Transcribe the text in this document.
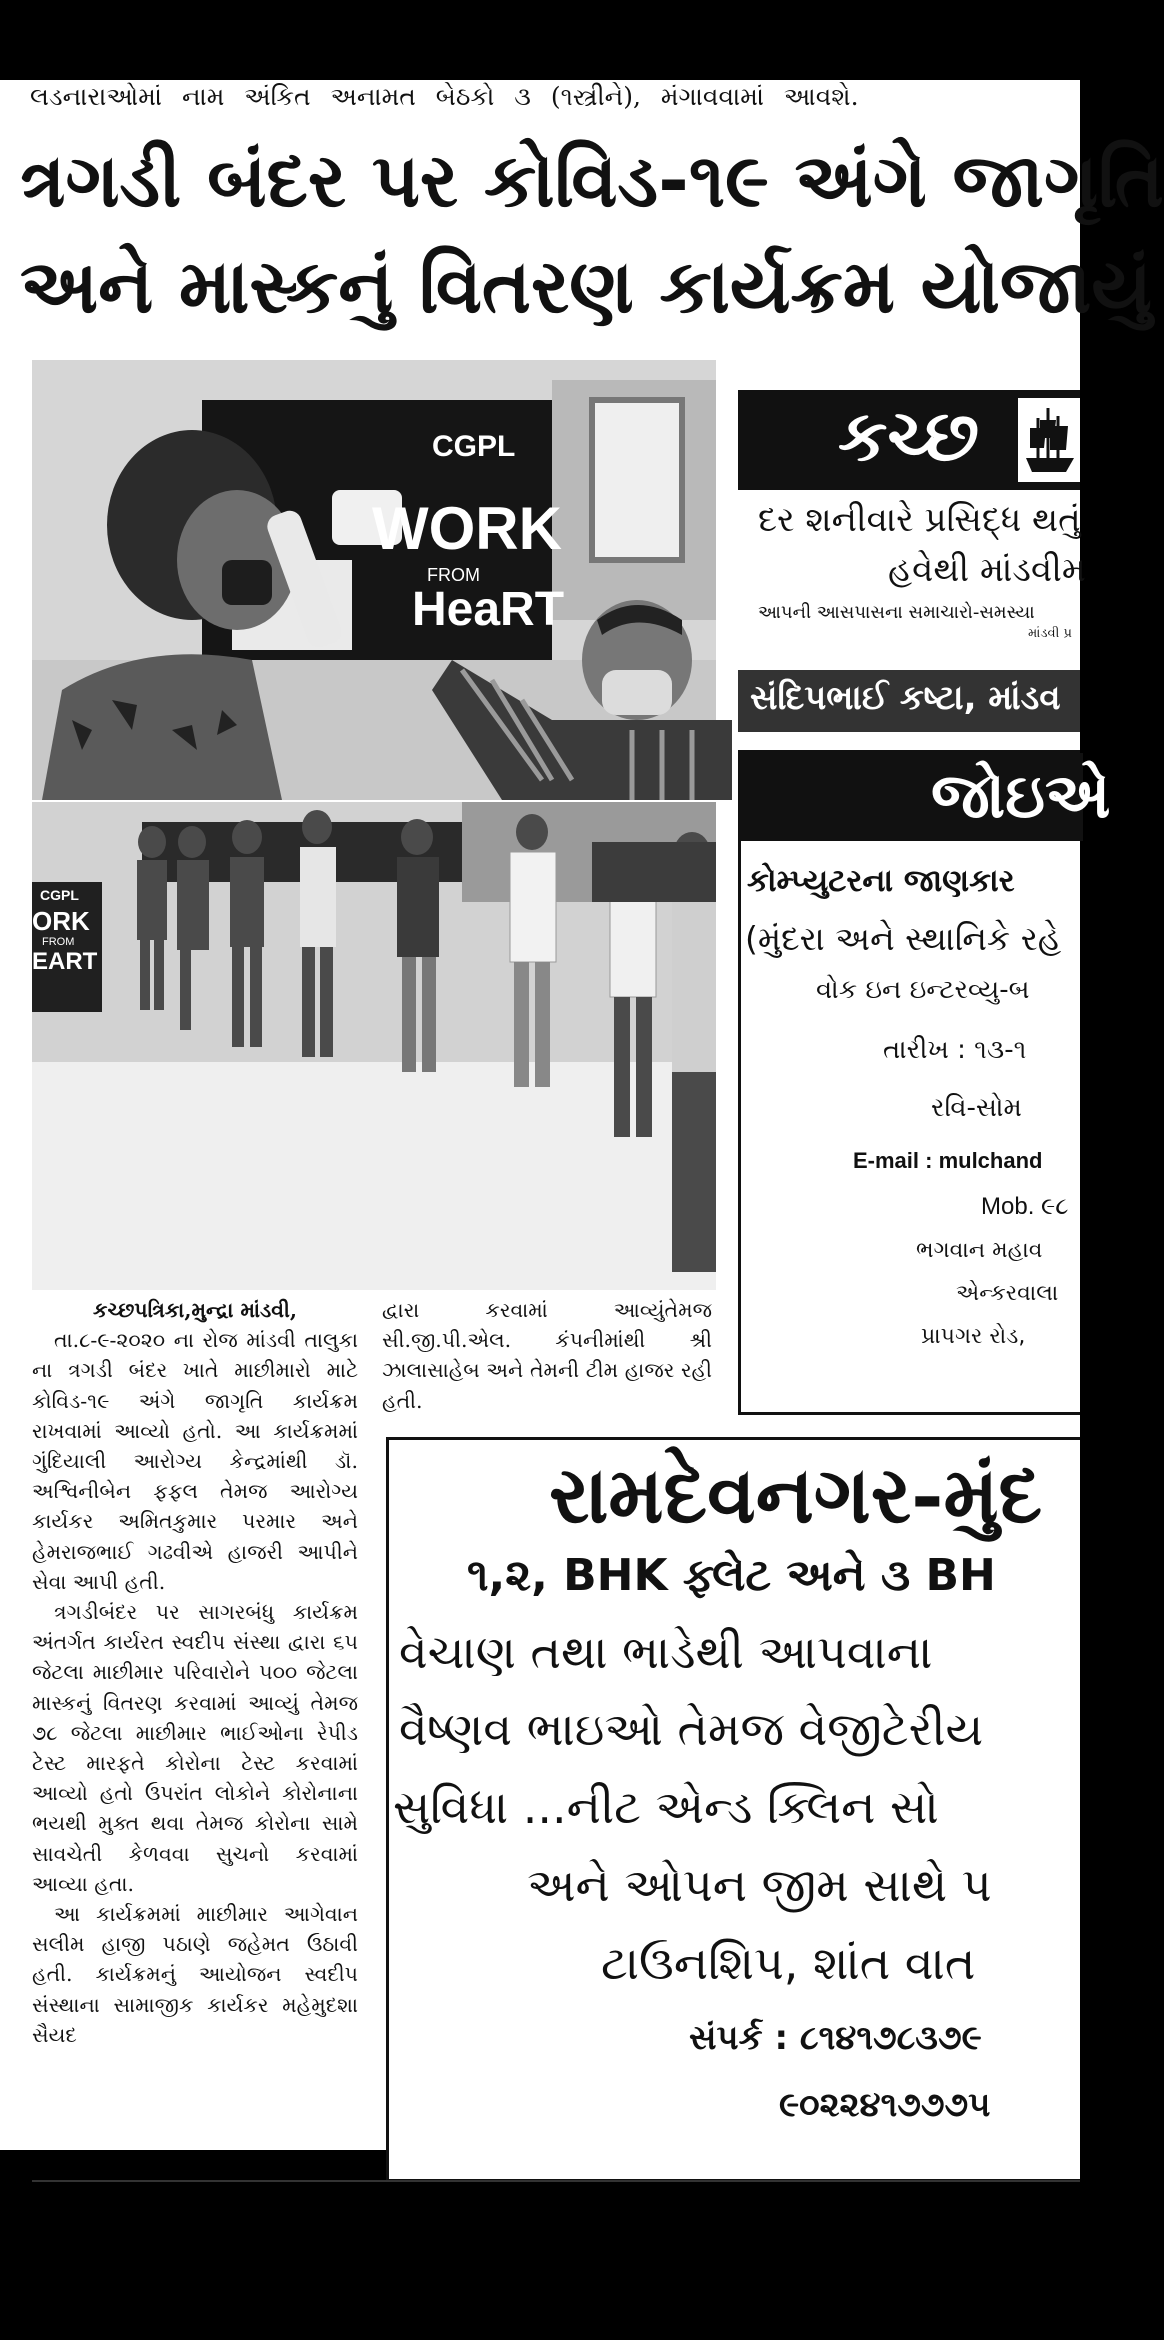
લડનારાઓમાં નામ અંકિત અનામત બેઠકો ૩ (૧સ્ત્રીને), મંગાવવામાં આવશે.
ત્રગડી બંદર પર કોવિડ-૧૯ અંગે જાગૃતિ
અને માસ્કનું વિતરણ કાર્યક્રમ યોજાયું
CGPL
WORK
FROM
HeaRT
CGPL
ORK
FROM
EART
કચ્છપત્રિકા,મુન્દ્રા માંડવી,

તા.૮-૯-૨૦૨૦ ના રોજ માંડવી તાલુકા ના ત્રગડી બંદર ખાતે માછીમારો માટે કોવિડ-૧૯ અંગે જાગૃતિ કાર્યક્રમ રાખવામાં આવ્યો હતો. આ કાર્યક્રમમાં ગુંદિયાલી આરોગ્ય કેન્દ્રમાંથી ડૉ. અશ્વિનીબેન ફફલ તેમજ આરોગ્ય કાર્યકર અમિતકુમાર પરમાર અને હેમરાજભાઈ ગઢવીએ હાજરી આપીને સેવા આપી હતી.

ત્રગડીબંદર પર સાગરબંધુ કાર્યક્રમ અંતર્ગત કાર્યરત સ્વદીપ સંસ્થા દ્વારા ૬૫ જેટલા માછીમાર પરિવારોને ૫૦૦ જેટલા માસ્કનું વિતરણ કરવામાં આવ્યું તેમજ ૭૮ જેટલા માછીમાર ભાઈઓના રેપીડ ટેસ્ટ મારફતે કોરોના ટેસ્ટ કરવામાં આવ્યો હતો ઉપરાંત લોકોને કોરોનાના ભયથી મુક્ત થવા તેમજ કોરોના સામે સાવચેતી કેળવવા સુચનો કરવામાં આવ્યા હતા.

આ કાર્યક્રમમાં માછીમાર આગેવાન સલીમ હાજી પઠાણે જહેમત ઉઠાવી હતી. કાર્યક્રમનું આયોજન સ્વદીપ સંસ્થાના સામાજીક કાર્યકર મહેમુદશા સૈયદ

દ્વારા કરવામાં આવ્યુંતેમજ સી.જી.પી.એલ. કંપનીમાંથી શ્રી ઝાલાસાહેબ અને તેમની ટીમ હાજર રહી હતી.

કચ્છ
દર શનીવારે પ્રસિદ્ધ થતું
હવેથી માંડવીમ
આપની આસપાસના સમાચારો-સમસ્યા
માંડવી પ્ર
સંદિપભાઈ કષ્ટા, માંડવ
જોઇએ
કોમ્પ્યુટરના જાણકાર
(મુંદરા અને સ્થાનિકે રહે
વોક ઇન ઇન્ટરવ્યુ-બ
તારીખ : ૧૩-૧
રવિ-સોમ
E-mail : mulchand
Mob. ૯૮
ભગવાન મહાવ
એન્કરવાલા
પ્રાપગર રોડ,
રામદેવનગર-મુંદ
૧,૨, BHK ફ્લેટ અને ૩ BH
વેચાણ તથા ભાડેથી આપવાના
વૈષ્ણવ ભાઇઓ તેમજ વેજીટેરીય
સુવિધા ...નીટ એન્ડ ક્લિન સો
અને ઓપન જીમ સાથે પ
ટાઉનશિપ, શાંત વાત
સંપર્ક : ૮૧૪૧૭૮૩૭૯
૯૦૨૨૪૧૭૭૭૫
